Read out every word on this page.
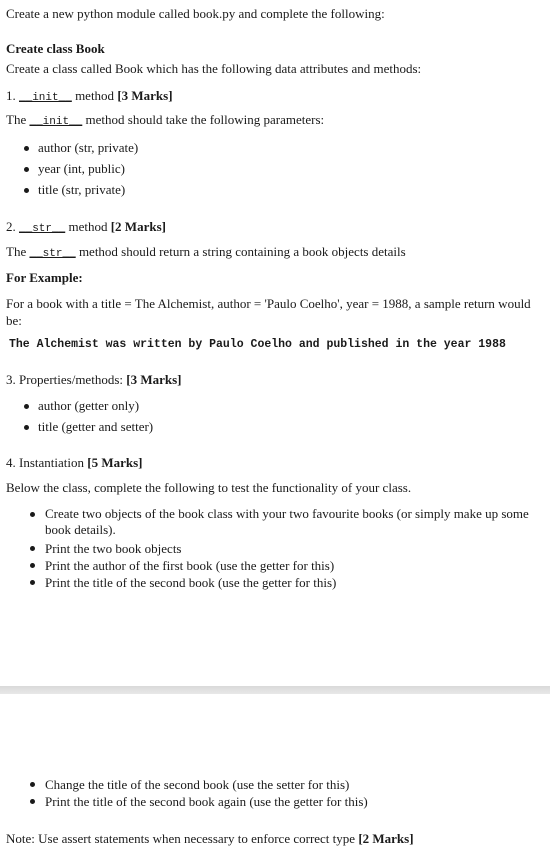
Create a new python module called book.py and complete the following:
Create class Book
Create a class called Book which has the following data attributes and methods:
1. __init__ method [3 Marks]
The __init__ method should take the following parameters:
author (str, private)
year (int, public)
title (str, private)
2. __str__ method [2 Marks]
The __str__ method should return a string containing a book objects details
For Example:
For a book with a title = The Alchemist, author = 'Paulo Coelho', year = 1988, a sample return would
be:
The Alchemist was written by Paulo Coelho and published in the year 1988
3. Properties/methods: [3 Marks]
author (getter only)
title (getter and setter)
4. Instantiation [5 Marks]
Below the class, complete the following to test the functionality of your class.
Create two objects of the book class with your two favourite books (or simply make up some book details).
Print the two book objects
Print the author of the first book (use the getter for this)
Print the title of the second book (use the getter for this)
Change the title of the second book (use the setter for this)
Print the title of the second book again (use the getter for this)
Note: Use assert statements when necessary to enforce correct type [2 Marks]
